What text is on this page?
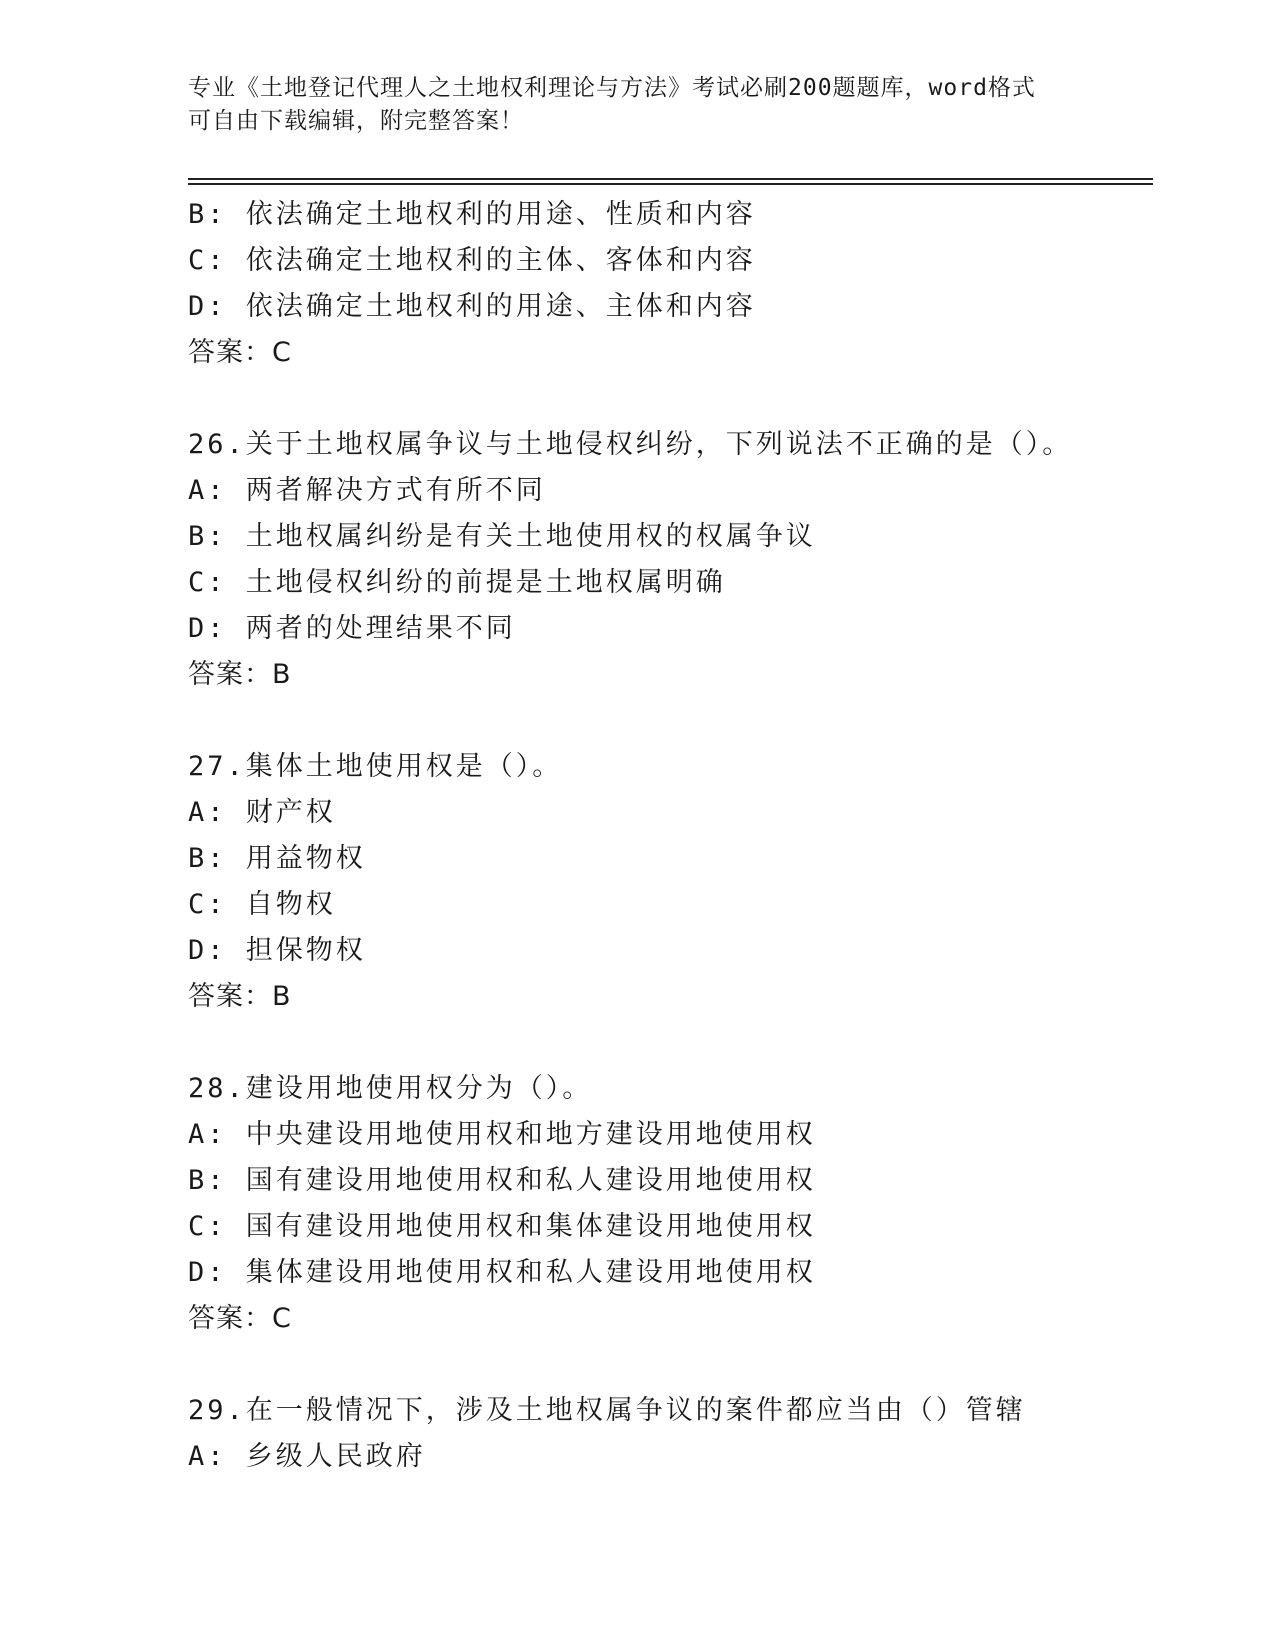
专业《土地登记代理人之土地权利理论与方法》考试必刷200题题库，word格式
可自由下载编辑，附完整答案！
B: 依法确定土地权利的用途、性质和内容
C: 依法确定土地权利的主体、客体和内容
D: 依法确定土地权利的用途、主体和内容
答案：C
26.关于土地权属争议与土地侵权纠纷，下列说法不正确的是（）。
A: 两者解决方式有所不同
B: 土地权属纠纷是有关土地使用权的权属争议
C: 土地侵权纠纷的前提是土地权属明确
D: 两者的处理结果不同
答案：B
27.集体土地使用权是（）。
A: 财产权
B: 用益物权
C: 自物权
D: 担保物权
答案：B
28.建设用地使用权分为（）。
A: 中央建设用地使用权和地方建设用地使用权
B: 国有建设用地使用权和私人建设用地使用权
C: 国有建设用地使用权和集体建设用地使用权
D: 集体建设用地使用权和私人建设用地使用权
答案：C
29.在一般情况下，涉及土地权属争议的案件都应当由（）管辖
A: 乡级人民政府
